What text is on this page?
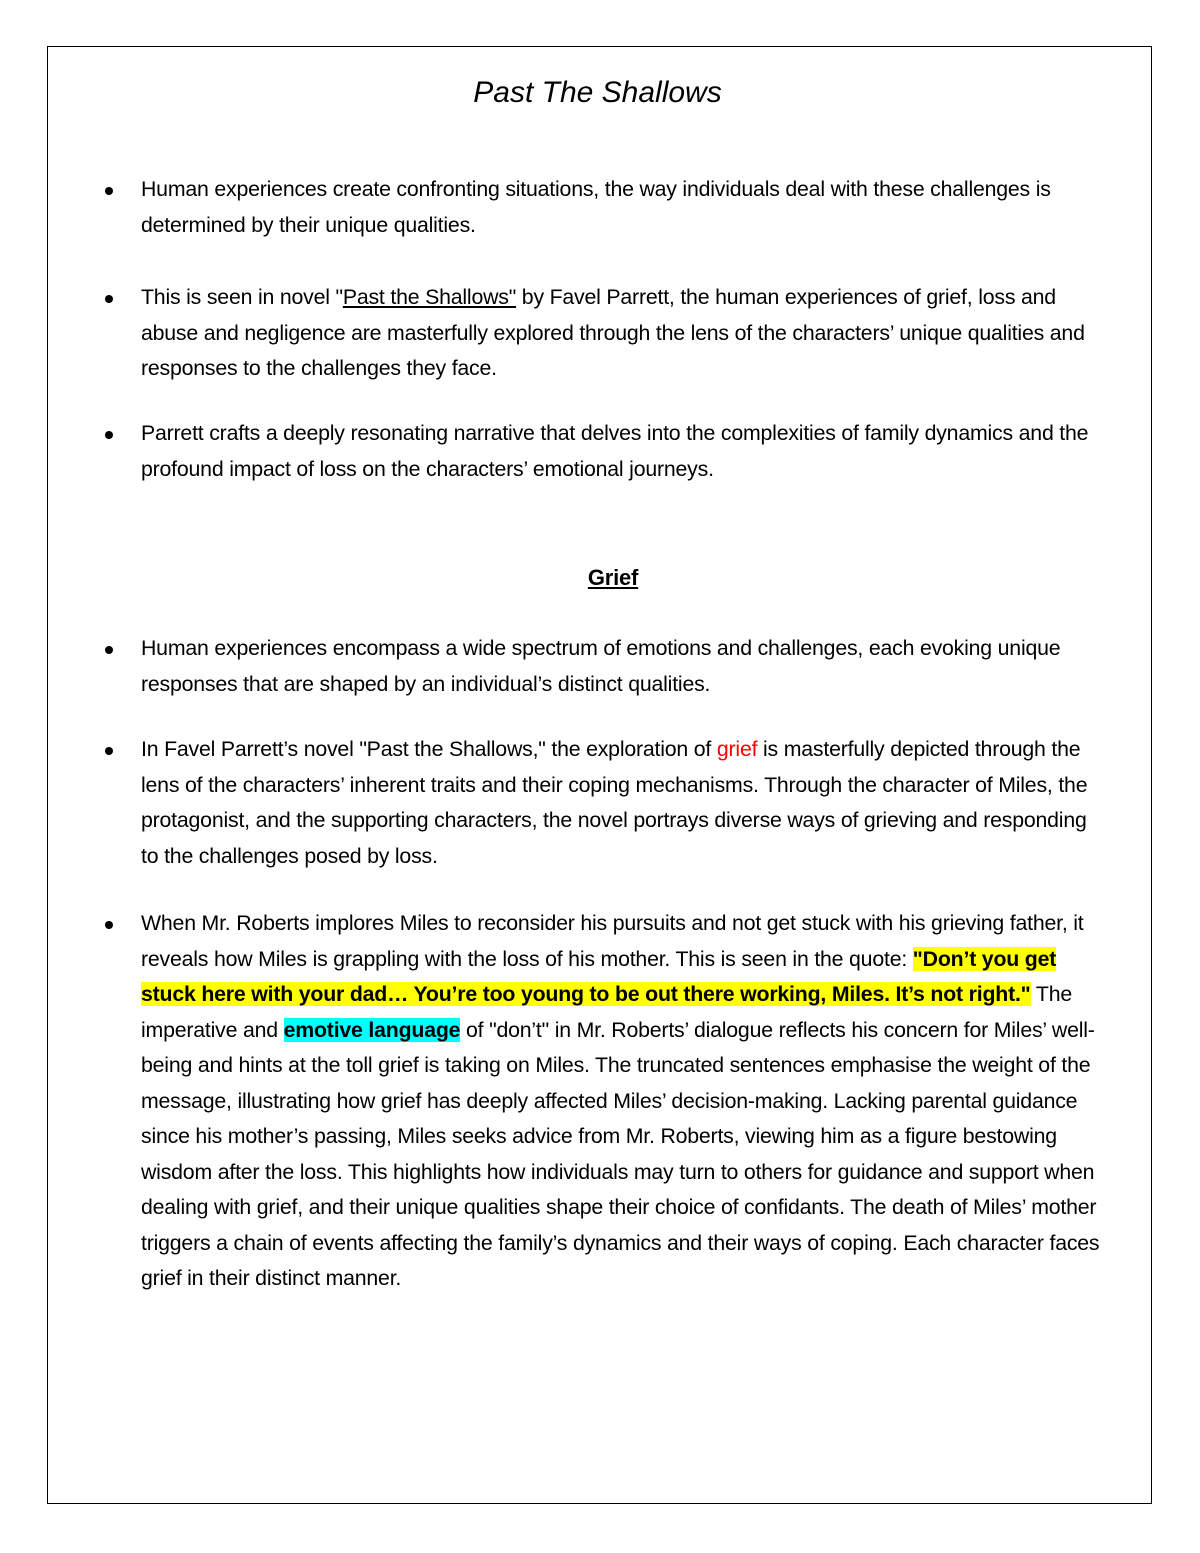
Past The Shallows
Human experiences create confronting situations, the way individuals deal with these challenges is determined by their unique qualities.
This is seen in novel "Past the Shallows" by Favel Parrett, the human experiences of grief, loss and abuse and negligence are masterfully explored through the lens of the characters’ unique qualities and responses to the challenges they face.
Parrett crafts a deeply resonating narrative that delves into the complexities of family dynamics and the profound impact of loss on the characters’ emotional journeys.
Grief
Human experiences encompass a wide spectrum of emotions and challenges, each evoking unique responses that are shaped by an individual’s distinct qualities.
In Favel Parrett’s novel "Past the Shallows," the exploration of grief is masterfully depicted through the lens of the characters’ inherent traits and their coping mechanisms. Through the character of Miles, the protagonist, and the supporting characters, the novel portrays diverse ways of grieving and responding to the challenges posed by loss.
When Mr. Roberts implores Miles to reconsider his pursuits and not get stuck with his grieving father, it reveals how Miles is grappling with the loss of his mother. This is seen in the quote: "Don’t you get stuck here with your dad… You’re too young to be out there working, Miles. It’s not right." The imperative and emotive language of "don’t" in Mr. Roberts’ dialogue reflects his concern for Miles’ well-being and hints at the toll grief is taking on Miles. The truncated sentences emphasise the weight of the message, illustrating how grief has deeply affected Miles’ decision-making. Lacking parental guidance since his mother’s passing, Miles seeks advice from Mr. Roberts, viewing him as a figure bestowing wisdom after the loss. This highlights how individuals may turn to others for guidance and support when dealing with grief, and their unique qualities shape their choice of confidants. The death of Miles’ mother triggers a chain of events affecting the family’s dynamics and their ways of coping. Each character faces grief in their distinct manner.
